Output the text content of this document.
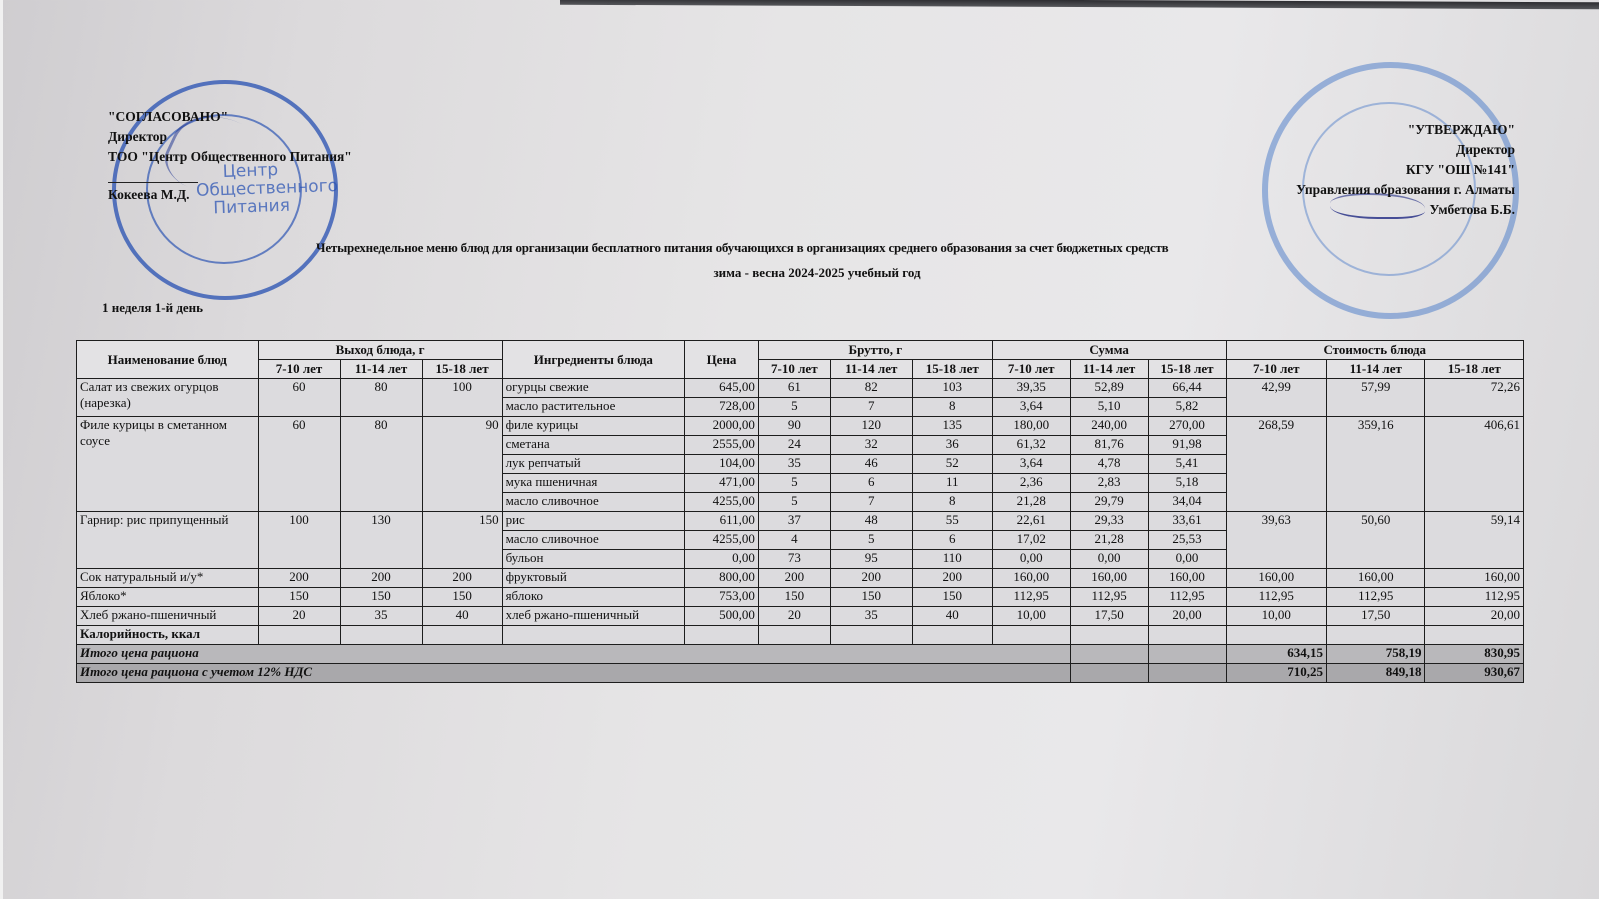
Центр Общественного Питания
"СОГЛАСОВАНО"
Директор
ТОО "Центр Общественного Питания"
Кокеева М.Д.
"УТВЕРЖДАЮ"
Директор
КГУ "ОШ №141"
Управления образования г. Алматы
Умбетова Б.Б.
Четырехнедельное меню блюд для организации бесплатного питания обучающихся в организациях среднего образования за счет бюджетных средств
зима - весна 2024-2025 учебный год
1 неделя 1-й день
Наименование блюд	Выход блюда, г			Ингредиенты блюда	Цена	Брутто, г			Сумма			Стоимость блюда		
	7-10 лет	11-14 лет	15-18 лет			7-10 лет	11-14 лет	15-18 лет	7-10 лет	11-14 лет	15-18 лет	7-10 лет	11-14 лет	15-18 лет
Салат из свежих огурцов (нарезка)	60	80	100	огурцы свежие	645,00	61	82	103	39,35	52,89	66,44	42,99	57,99	72,26
				масло растительное	728,00	5	7	8	3,64	5,10	5,82			
Филе курицы в сметанном соусе	60	80	90	филе курицы	2000,00	90	120	135	180,00	240,00	270,00	268,59	359,16	406,61
				сметана	2555,00	24	32	36	61,32	81,76	91,98			
				лук репчатый	104,00	35	46	52	3,64	4,78	5,41			
				мука пшеничная	471,00	5	6	11	2,36	2,83	5,18			
				масло сливочное	4255,00	5	7	8	21,28	29,79	34,04			
Гарнир: рис припущенный	100	130	150	рис	611,00	37	48	55	22,61	29,33	33,61	39,63	50,60	59,14
				масло сливочное	4255,00	4	5	6	17,02	21,28	25,53			
				бульон	0,00	73	95	110	0,00	0,00	0,00			
Сок натуральный и/у*	200	200	200	фруктовый	800,00	200	200	200	160,00	160,00	160,00	160,00	160,00	160,00
Яблоко*	150	150	150	яблоко	753,00	150	150	150	112,95	112,95	112,95	112,95	112,95	112,95
Хлеб ржано-пшеничный	20	35	40	хлеб ржано-пшеничный	500,00	20	35	40	10,00	17,50	20,00	10,00	17,50	20,00
Калорийность, ккал														
Итого цена рациона												634,15	758,19	830,95
Итого цена рациона с учетом 12% НДС												710,25	849,18	930,67
